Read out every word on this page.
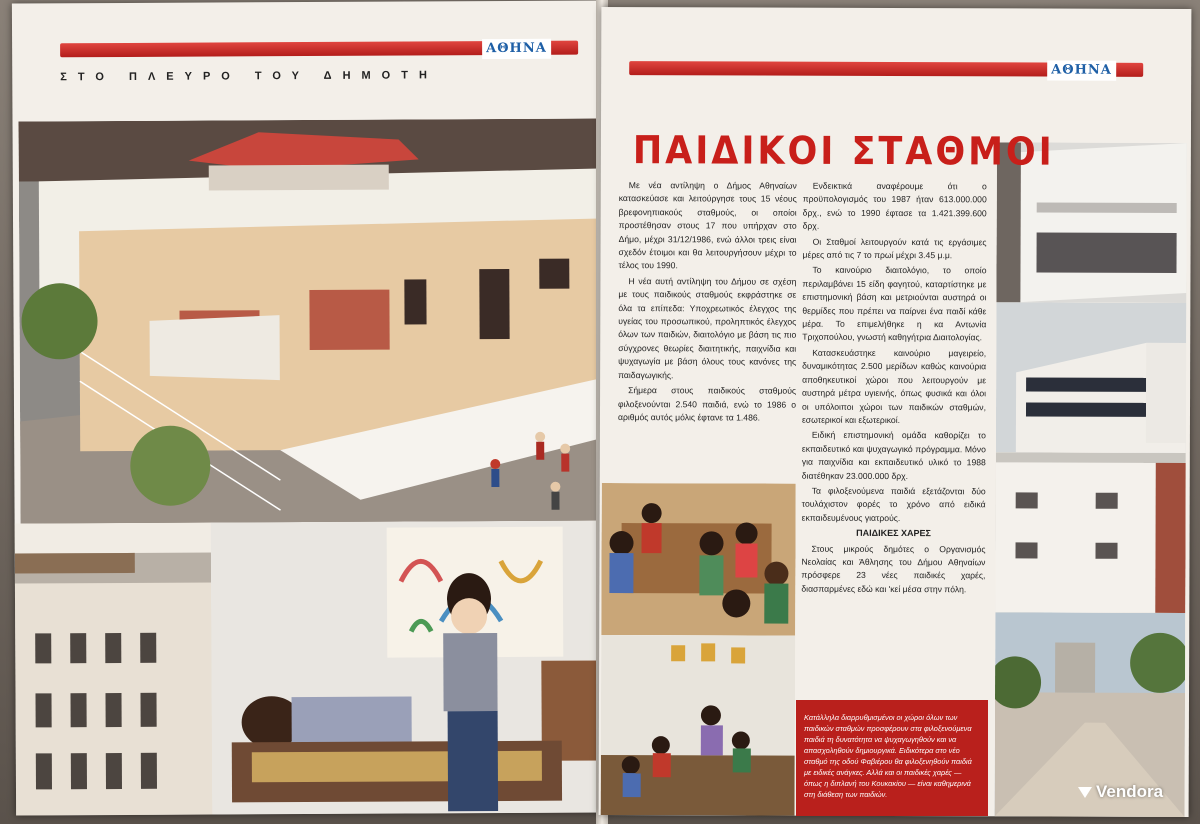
ΑΘΗΝΑ
ΣΤΟ ΠΛΕΥΡΟ ΤΟΥ ΔΗΜΟΤΗ	ΑΘΗΝΑ
ΠΑΙΔΙΚΟΙ ΣΤΑΘΜΟΙ

Με νέα αντίληψη ο Δήμος Αθηναίων κατασκεύασε και λειτούργησε τους 15 νέους βρεφονηπιακούς σταθμούς, οι οποίοι προστέθησαν στους 17 που υπήρχαν στο Δήμο, μέχρι 31/12/1986, ενώ άλλοι τρεις είναι σχεδόν έτοιμοι και θα λειτουργήσουν μέχρι το τέλος του 1990.

Η νέα αυτή αντίληψη του Δήμου σε σχέση με τους παιδικούς σταθμούς εκφράστηκε σε όλα τα επίπεδα: Υποχρεωτικός έλεγχος της υγείας του προσωπικού, προληπτικός έλεγχος όλων των παιδιών, διαιτολόγιο με βάση τις πιο σύγχρονες θεωρίες διαιτητικής, παιχνίδια και ψυχαγωγία με βάση όλους τους κανόνες της παιδαγωγικής.

Σήμερα στους παιδικούς σταθμούς φιλοξενούνται 2.540 παιδιά, ενώ το 1986 ο αριθμός αυτός μόλις έφτανε τα 1.486.

Ενδεικτικά αναφέρουμε ότι ο προϋπολογισμός του 1987 ήταν 613.000.000 δρχ., ενώ το 1990 έφτασε τα 1.421.399.600 δρχ.

Οι Σταθμοί λειτουργούν κατά τις εργάσιμες μέρες από τις 7 το πρωί μέχρι 3.45 μ.μ.

Το καινούριο διαιτολόγιο, το οποίο περιλαμβάνει 15 είδη φαγητού, καταρτίστηκε με επιστημονική βάση και μετριούνται αυστηρά οι θερμίδες που πρέπει να παίρνει ένα παιδί κάθε μέρα. Το επιμελήθηκε η κα Αντωνία Τριχοπούλου, γνωστή καθηγήτρια Διαιτολογίας.

Κατασκευάστηκε καινούριο μαγειρείο, δυναμικότητας 2.500 μερίδων καθώς καινούρια αποθηκευτικοί χώροι που λειτουργούν με αυστηρά μέτρα υγιεινής, όπως φυσικά και όλοι οι υπόλοιποι χώροι των παιδικών σταθμών, εσωτερικοί και εξωτερικοί.

Ειδική επιστημονική ομάδα καθορίζει το εκπαιδευτικό και ψυχαγωγικό πρόγραμμα. Μόνο για παιχνίδια και εκπαιδευτικό υλικό το 1988 διατέθηκαν 23.000.000 δρχ.

Τα φιλοξενούμενα παιδιά εξετάζονται δύο τουλάχιστον φορές το χρόνο από ειδικά εκπαιδευμένους γιατρούς.

ΠΑΙΔΙΚΕΣ ΧΑΡΕΣ

Στους μικρούς δημότες ο Οργανισμός Νεολαίας και Άθλησης του Δήμου Αθηναίων πρόσφερε 23 νέες παιδικές χαρές, διασπαρμένες εδώ και 'κεί μέσα στην πόλη.

Κατάλληλα διαρρυθμισμένοι οι χώροι όλων των παιδικών σταθμών προσφέρουν στα φιλοξενούμενα παιδιά τη δυνατότητα να ψυχαγωγηθούν και να απασχοληθούν δημιουργικά. Ειδικότερα στο νέο σταθμό της οδού Φαβιέρου θα φιλοξενηθούν παιδιά με ειδικές ανάγκες. Αλλά και οι παιδικές χαρές — όπως η διπλανή του Κουκακίου — είναι καθημερινά στη διάθεση των παιδιών.	Vendora
